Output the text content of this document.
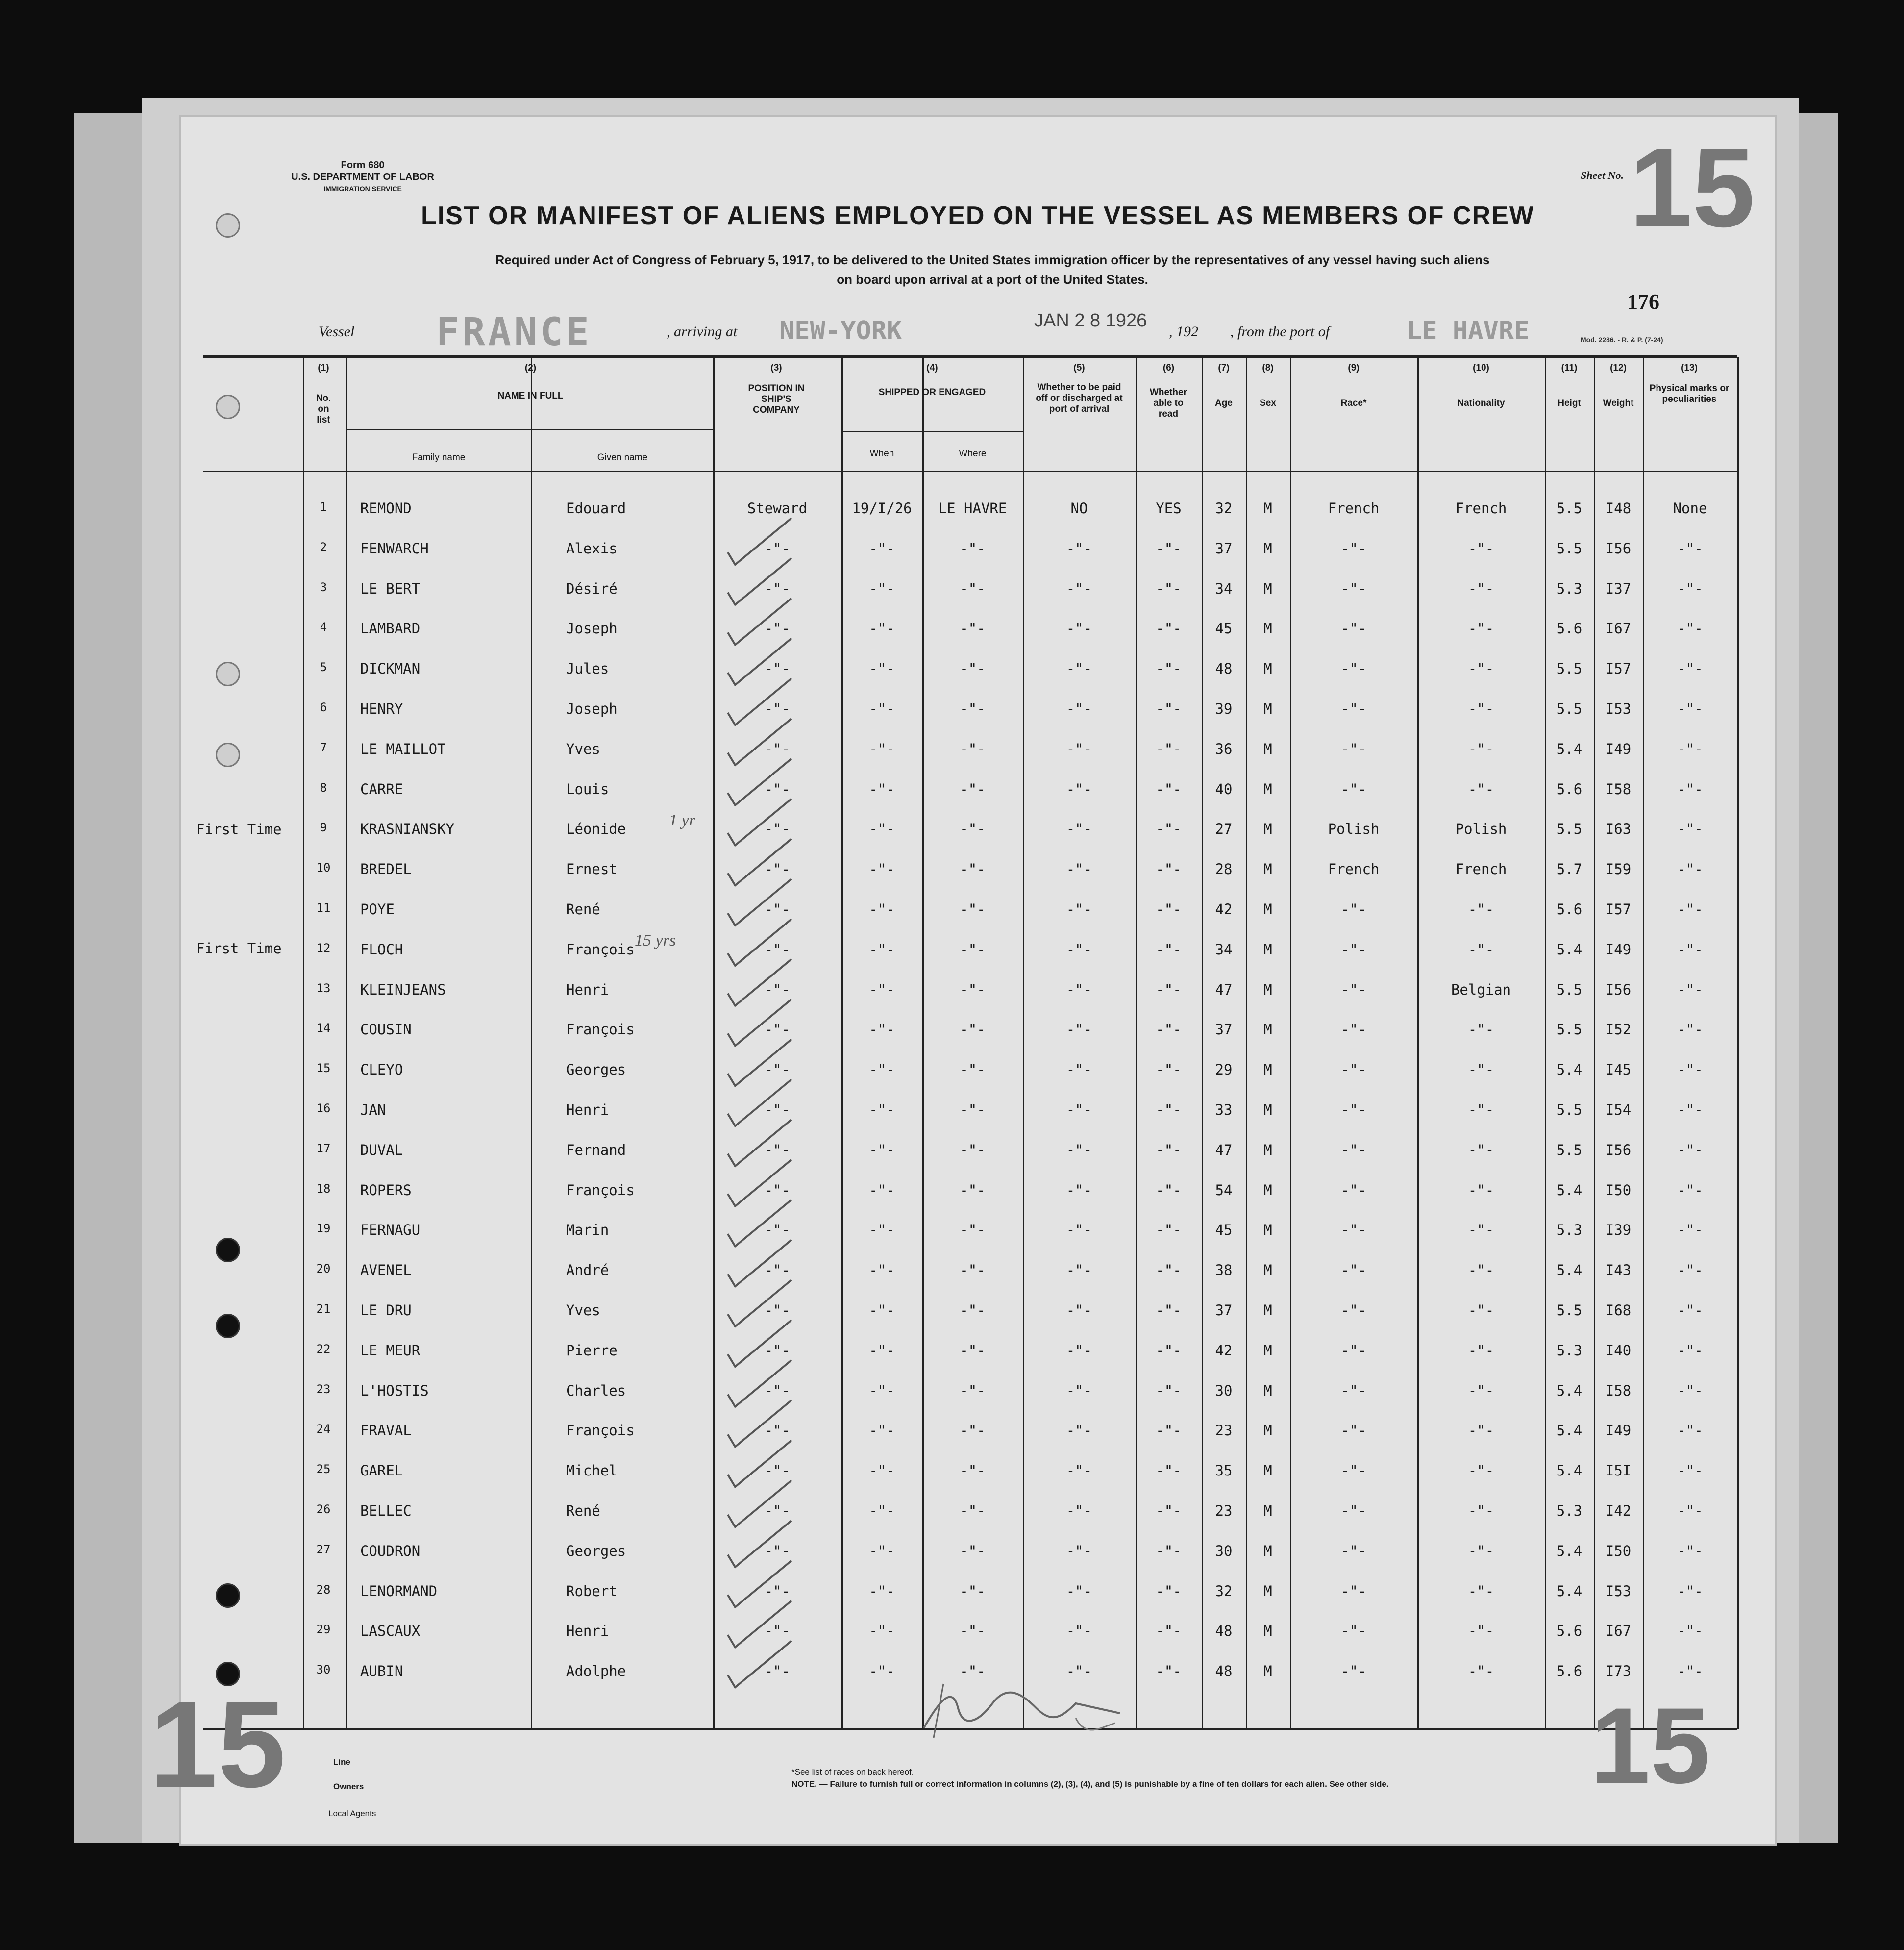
Form 680
U.S. DEPARTMENT OF LABOR
IMMIGRATION SERVICE
Sheet No. 15
LIST OR MANIFEST OF ALIENS EMPLOYED ON THE VESSEL AS MEMBERS OF CREW
Required under Act of Congress of February 5, 1917, to be delivered to the United States immigration officer by the representatives of any vessel having such aliens
on board upon arrival at a port of the United States.
176
Vessel FRANCE	, arriving at NEW-YORK	JAN 2 8 1926
, 192 , from the port of	LE HAVRE	Mod. 2286. - R. & P. (7-24)
(1)
No. on list
(2)
NAME IN FULL
Family name	Given name
(3)
POSITION IN SHIP'S COMPANY
(4)
SHIPPED OR ENGAGED
When	Where
(5)
Whether to be paid off or discharged at port of arrival
(6)
Whether able to read
(7)
Age
(8)
Sex
(9)
Race*
(10)
Nationality
(11)
Heigt
(12)
Weight
(13)
Physical marks or peculiarities
1	REMOND	Edouard	Steward	19/I/26	LE HAVRE	NO	YES	32	M	French	French	5.5	I48	None
2	FENWARCH	Alexis	-"-	-"-	-"-	-"-	-"-	37	M	-"-	-"-	5.5	I56	-"-
3	LE BERT	Désiré	-"-	-"-	-"-	-"-	-"-	34	M	-"-	-"-	5.3	I37	-"-
4	LAMBARD	Joseph	-"-	-"-	-"-	-"-	-"-	45	M	-"-	-"-	5.6	I67	-"-
5	DICKMAN	Jules	-"-	-"-	-"-	-"-	-"-	48	M	-"-	-"-	5.5	I57	-"-
6	HENRY	Joseph	-"-	-"-	-"-	-"-	-"-	39	M	-"-	-"-	5.5	I53	-"-
7	LE MAILLOT	Yves	-"-	-"-	-"-	-"-	-"-	36	M	-"-	-"-	5.4	I49	-"-
8	CARRE	Louis	-"-	-"-	-"-	-"-	-"-	40	M	-"-	-"-	5.6	I58	-"-
9	KRASNIANSKY	Léonide	-"-	-"-	-"-	-"-	-"-	27	M	Polish	Polish	5.5	I63	-"-
10	BREDEL	Ernest	-"-	-"-	-"-	-"-	-"-	28	M	French	French	5.7	I59	-"-
11	POYE	René	-"-	-"-	-"-	-"-	-"-	42	M	-"-	-"-	5.6	I57	-"-
12	FLOCH	François	-"-	-"-	-"-	-"-	-"-	34	M	-"-	-"-	5.4	I49	-"-
13	KLEINJEANS	Henri	-"-	-"-	-"-	-"-	-"-	47	M	-"-	Belgian	5.5	I56	-"-
14	COUSIN	François	-"-	-"-	-"-	-"-	-"-	37	M	-"-	-"-	5.5	I52	-"-
15	CLEYO	Georges	-"-	-"-	-"-	-"-	-"-	29	M	-"-	-"-	5.4	I45	-"-
16	JAN	Henri	-"-	-"-	-"-	-"-	-"-	33	M	-"-	-"-	5.5	I54	-"-
17	DUVAL	Fernand	-"-	-"-	-"-	-"-	-"-	47	M	-"-	-"-	5.5	I56	-"-
18	ROPERS	François	-"-	-"-	-"-	-"-	-"-	54	M	-"-	-"-	5.4	I50	-"-
19	FERNAGU	Marin	-"-	-"-	-"-	-"-	-"-	45	M	-"-	-"-	5.3	I39	-"-
20	AVENEL	André	-"-	-"-	-"-	-"-	-"-	38	M	-"-	-"-	5.4	I43	-"-
21	LE DRU	Yves	-"-	-"-	-"-	-"-	-"-	37	M	-"-	-"-	5.5	I68	-"-
22	LE MEUR	Pierre	-"-	-"-	-"-	-"-	-"-	42	M	-"-	-"-	5.3	I40	-"-
23	L'HOSTIS	Charles	-"-	-"-	-"-	-"-	-"-	30	M	-"-	-"-	5.4	I58	-"-
24	FRAVAL	François	-"-	-"-	-"-	-"-	-"-	23	M	-"-	-"-	5.4	I49	-"-
25	GAREL	Michel	-"-	-"-	-"-	-"-	-"-	35	M	-"-	-"-	5.4	I5I	-"-
26	BELLEC	René	-"-	-"-	-"-	-"-	-"-	23	M	-"-	-"-	5.3	I42	-"-
27	COUDRON	Georges	-"-	-"-	-"-	-"-	-"-	30	M	-"-	-"-	5.4	I50	-"-
28	LENORMAND	Robert	-"-	-"-	-"-	-"-	-"-	32	M	-"-	-"-	5.4	I53	-"-
29	LASCAUX	Henri	-"-	-"-	-"-	-"-	-"-	48	M	-"-	-"-	5.6	I67	-"-
30	AUBIN	Adolphe	-"-	-"-	-"-	-"-	-"-	48	M	-"-	-"-	5.6	I73	-"-
First Time
First Time
1 yr
15 yrs
15	15
Line
Owners
Local Agents
*See list of races on back hereof.
NOTE. — Failure to furnish full or correct information in columns (2), (3), (4), and (5) is punishable by a fine of ten dollars for each alien. See other side.
